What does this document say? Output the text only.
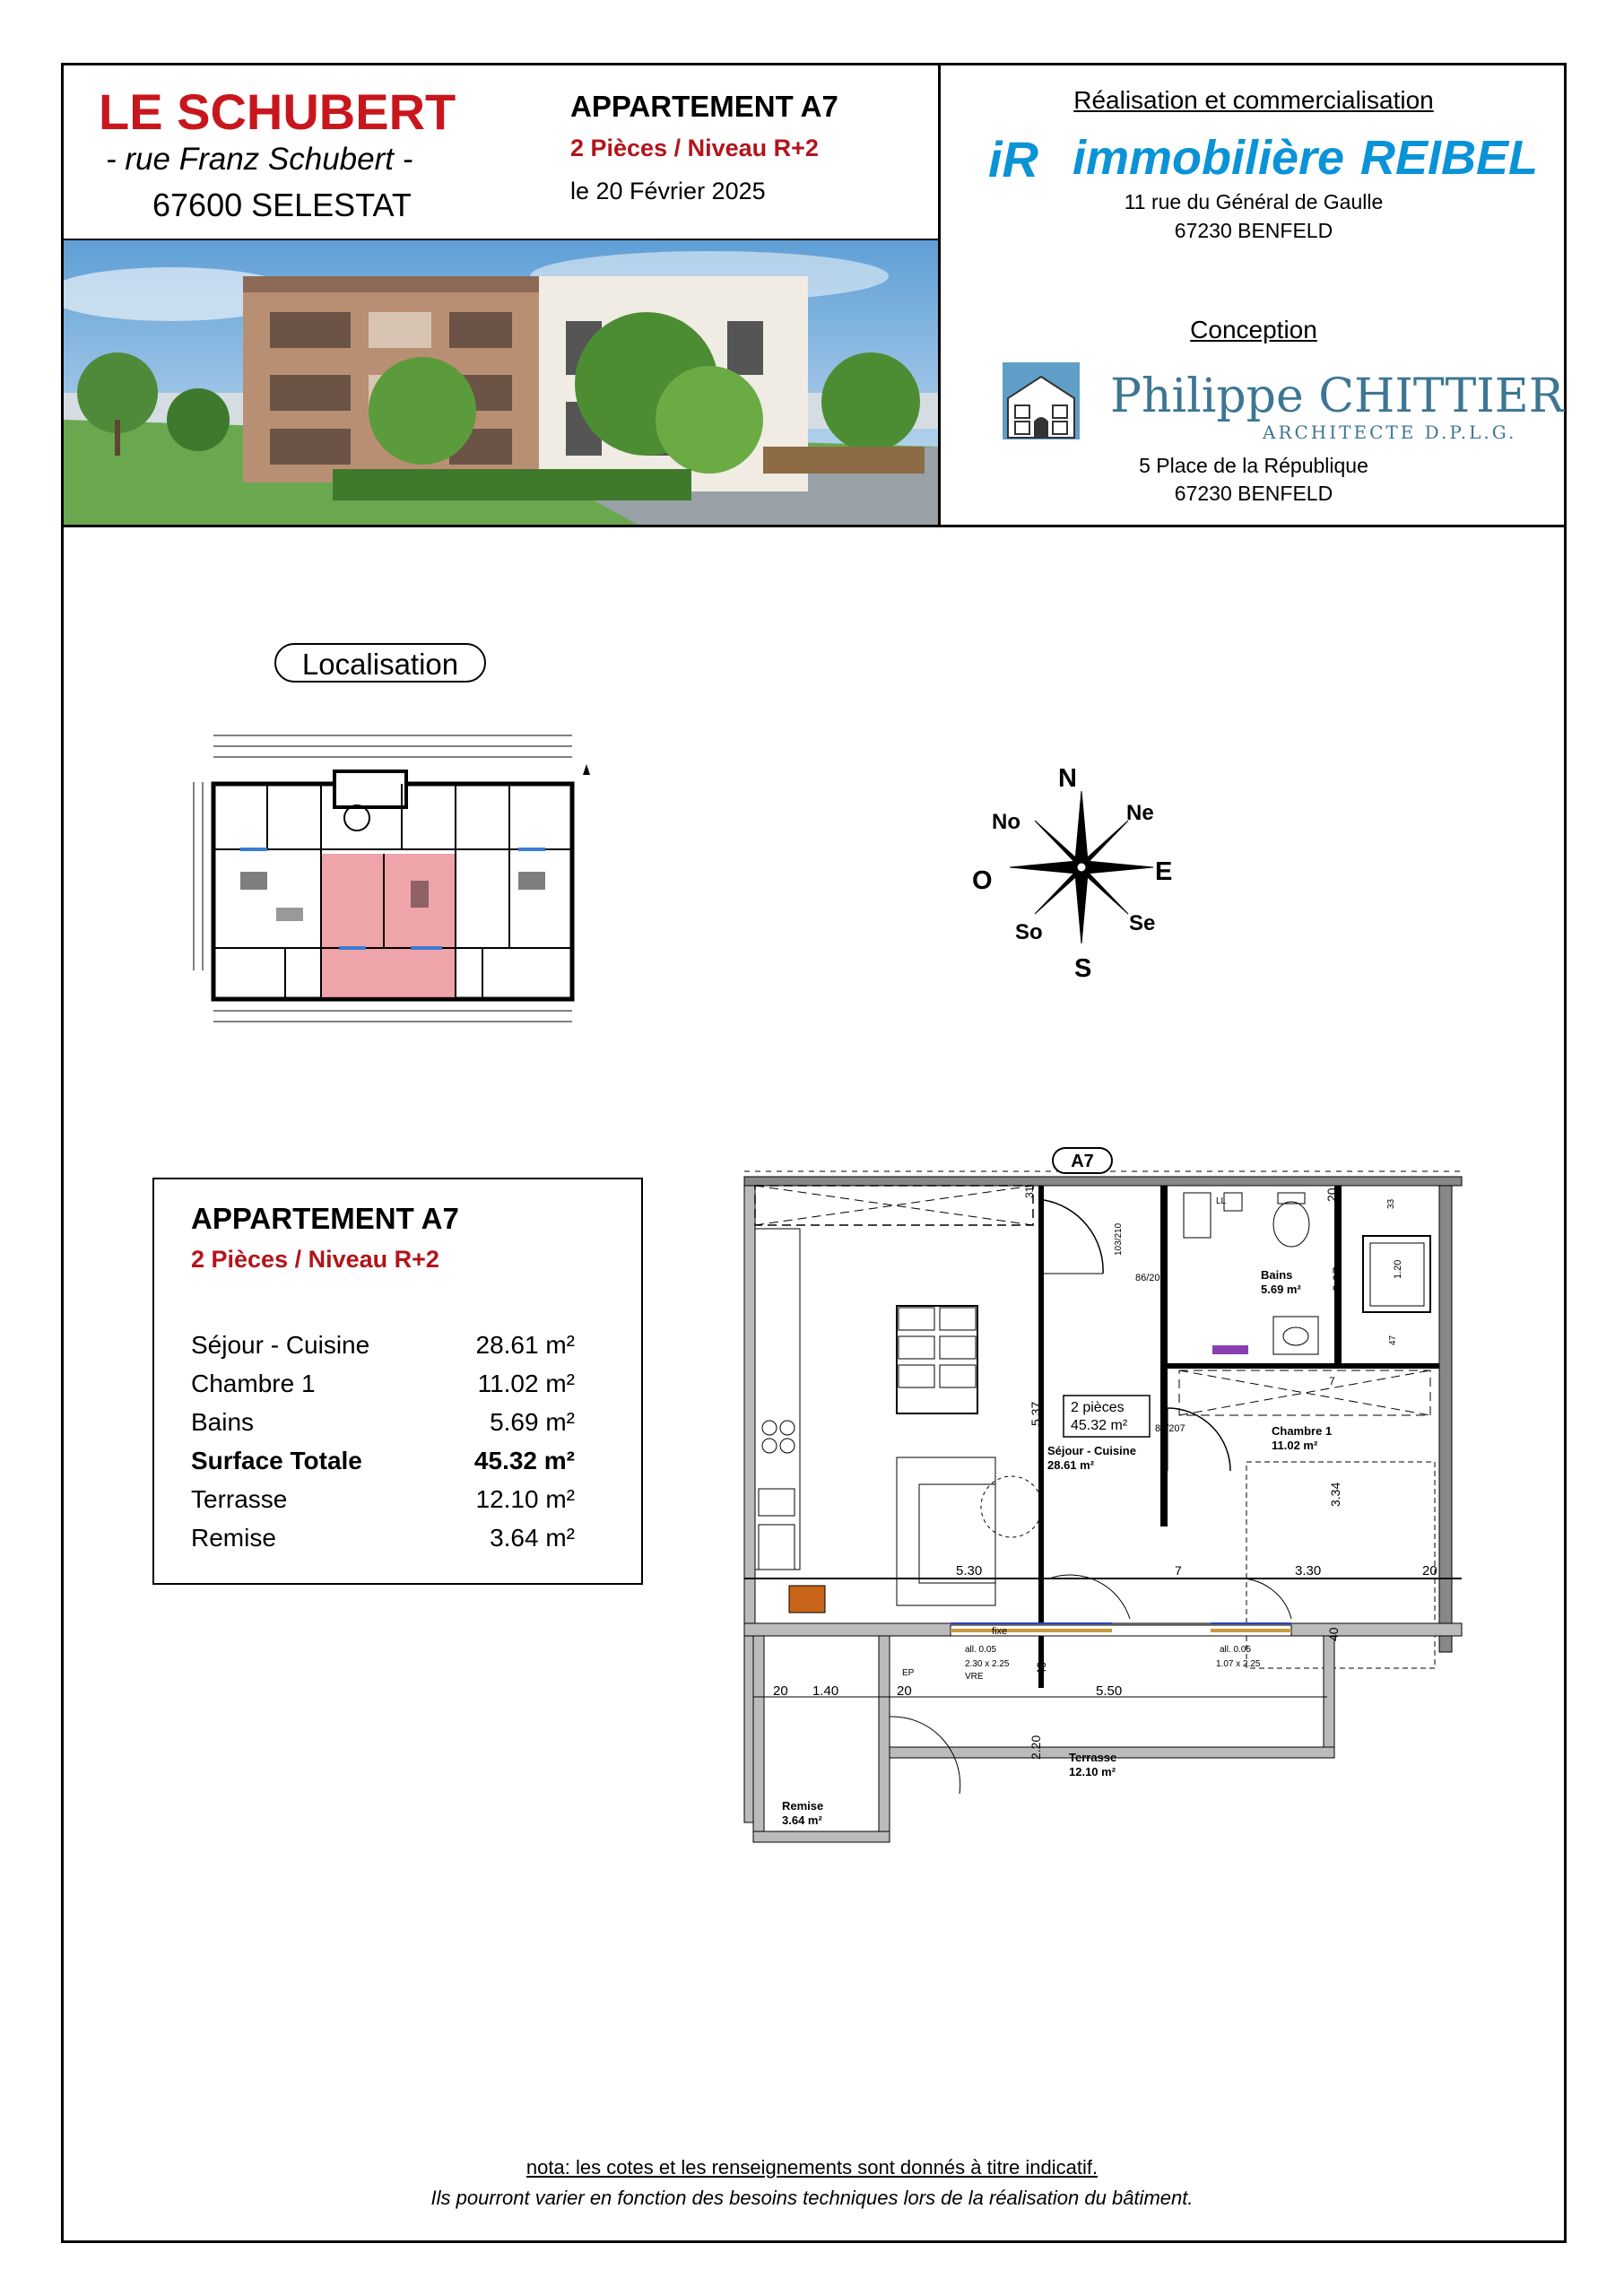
LE SCHUBERT
- rue Franz Schubert -
67600 SELESTAT
APPARTEMENT A7
2 Pièces / Niveau R+2
le 20 Février 2025
Réalisation et commercialisation
iR immobilière REIBEL
11 rue du Général de Gaulle
67230 BENFELD
Conception
Philippe CHITTIER
ARCHITECTE D.P.L.G.
5 Place de la République
67230 BENFELD
Localisation
N
Ne
E
Se
S
So
O
No
APPARTEMENT A7
2 Pièces / Niveau R+2
Séjour - Cuisine	28.61 m²
Chambre 1	11.02 m²
Bains	5.69 m²
Surface Totale	45.32 m²
Terrasse	12.10 m²
Remise	3.64 m²
A7
2 pièces
45.32 m²
Séjour - Cuisine
28.61 m²
Chambre 1
11.02 m²
Bains
5.69 m²
Terrasse
12.10 m²
Remise
3.64 m²
5.37
5.30	3.30
3.34
2.07
5.50
2.20
1.40
20	20
20
20
40
40
31
7
7
1.20
47
33
103/210
86/207
86/207
fixe
all. 0.05
2.30 x 2.25
VRE
all. 0.05
1.07 x 2.25
EP
LL
nota: les cotes et les renseignements sont donnés à titre indicatif.
Ils pourront varier en fonction des besoins techniques lors de la réalisation du bâtiment.
